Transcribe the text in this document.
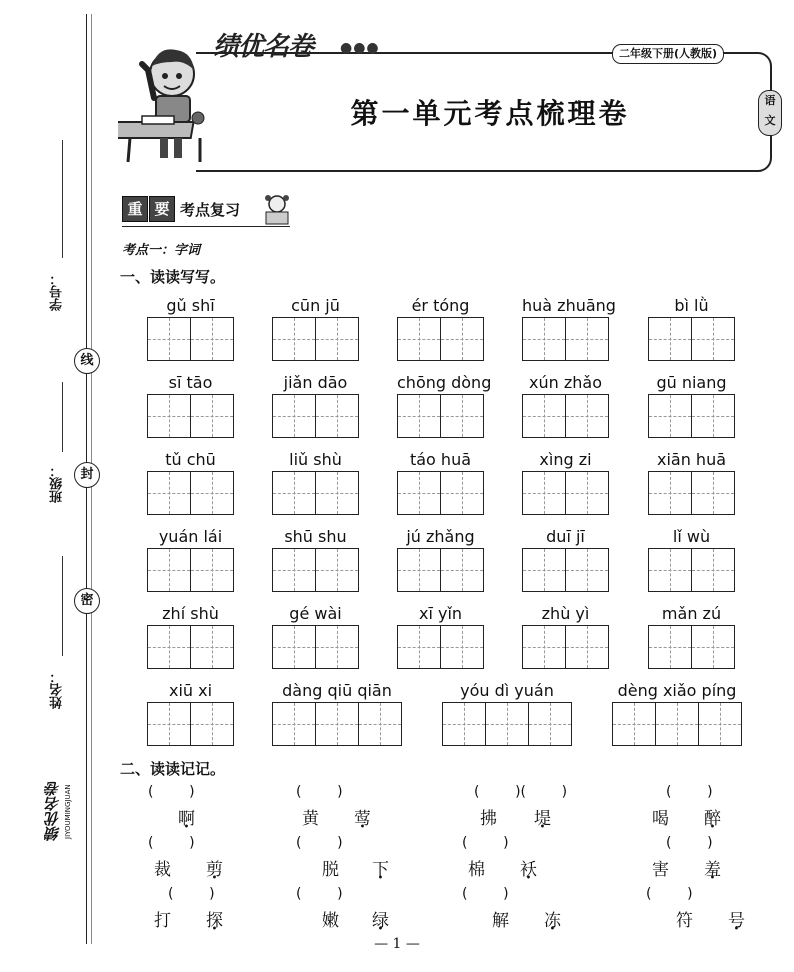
学号：
线
班级：	封
密
姓名：
绩优名卷 JIYOUMINGJUAN
绩优名卷 ●●●	二年级下册(人教版)
第一单元考点梳理卷	语
文
重 要 考点复习
考点一：字词
一、读读写写。
gǔ shī	cūn jū	ér tóng	huà zhuāng	bì lǜ
sī tāo	jiǎn dāo	chōng dòng	xún zhǎo	gū niang
tǔ chū	liǔ shù	táo huā	xìng zi	xiān huā
yuán lái	shū shu	jú zhǎng	duī jī	lǐ wù
zhí shù	gé wài	xī yǐn	zhù yì	mǎn zú
xiū xi	dàng qiū qiān	yóu dì yuán	dèng xiǎo píng
二、读读记记。
(        )
啊 •
(        )
黄 莺 •
(        )(        )
拂 堤 •
(        )
喝 醉 •
(        )
裁 剪 •
(        )
脱 下 •
(        )
棉 袄 •
(        )
害 羞 •
(        )
打 探 •
(        )
嫩 绿 •
(        )
解 冻 •
(        )
符 号 •
— 1 —
